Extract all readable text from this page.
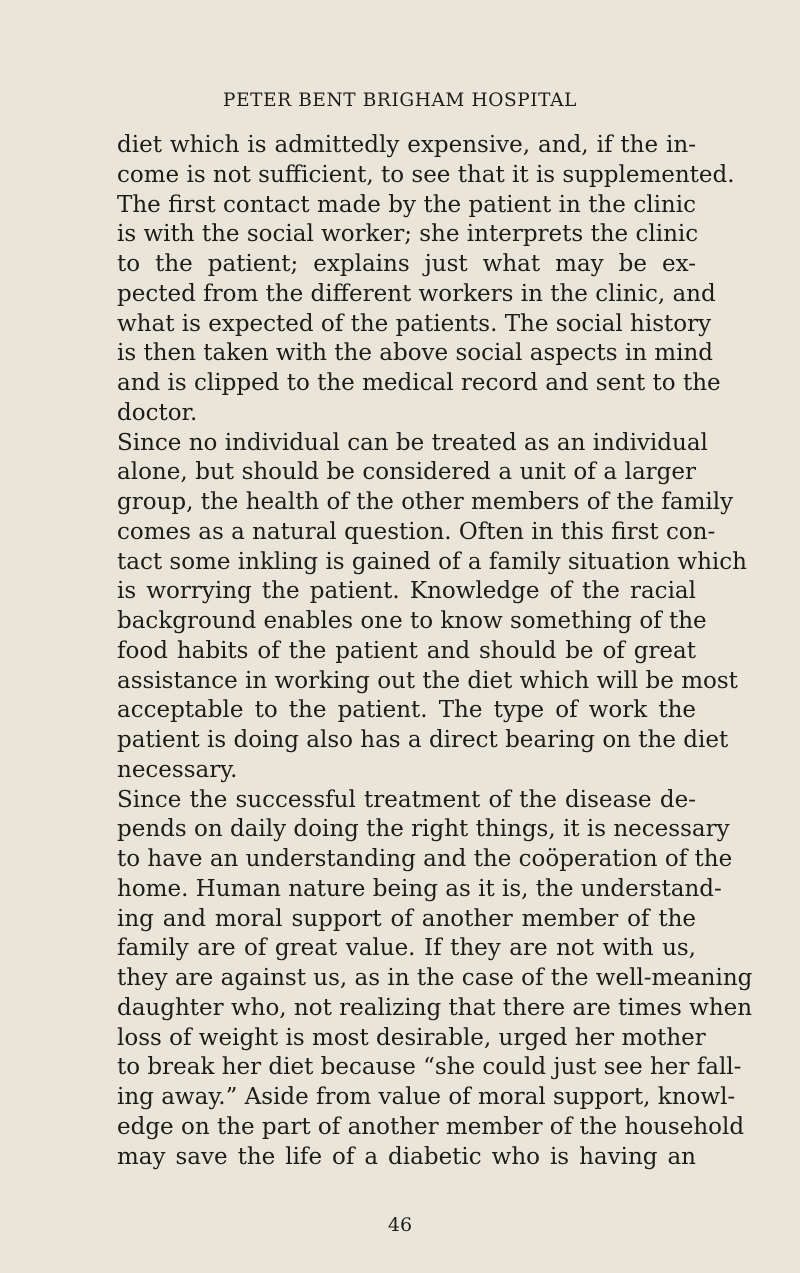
PETER BENT BRIGHAM HOSPITAL
diet which is admittedly expensive, and, if the in-
come is not sufficient, to see that it is supplemented.
The first contact made by the patient in the clinic
is with the social worker; she interprets the clinic
to the patient; explains just what may be ex-
pected from the different workers in the clinic, and
what is expected of the patients. The social history
is then taken with the above social aspects in mind
and is clipped to the medical record and sent to the
doctor.
Since no individual can be treated as an individual
alone, but should be considered a unit of a larger
group, the health of the other members of the family
comes as a natural question. Often in this first con-
tact some inkling is gained of a family situation which
is worrying the patient. Knowledge of the racial
background enables one to know something of the
food habits of the patient and should be of great
assistance in working out the diet which will be most
acceptable to the patient. The type of work the
patient is doing also has a direct bearing on the diet
necessary.
Since the successful treatment of the disease de-
pends on daily doing the right things, it is necessary
to have an understanding and the coöperation of the
home. Human nature being as it is, the understand-
ing and moral support of another member of the
family are of great value. If they are not with us,
they are against us, as in the case of the well-meaning
daughter who, not realizing that there are times when
loss of weight is most desirable, urged her mother
to break her diet because “she could just see her fall-
ing away.” Aside from value of moral support, knowl-
edge on the part of another member of the household
may save the life of a diabetic who is having an
46
